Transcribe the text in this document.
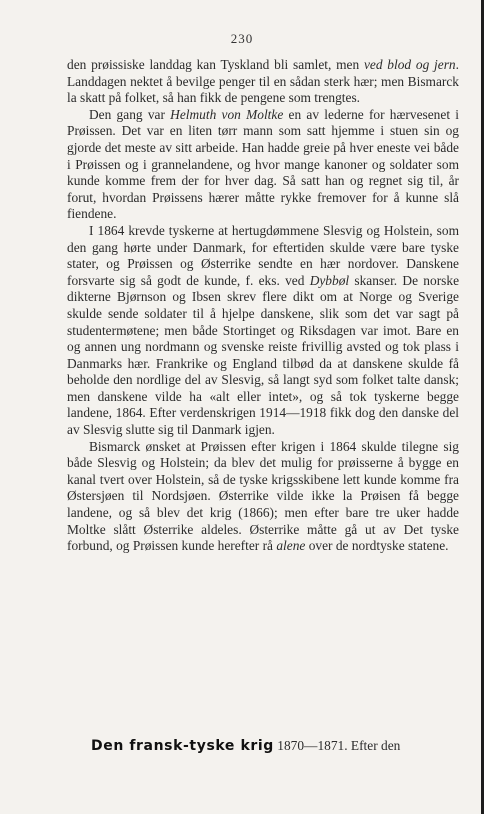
230

den prøissiske landdag kan Tyskland bli samlet, men ved blod og jern. Landdagen nektet å bevilge penger til en sådan sterk hær; men Bismarck la skatt på folket, så han fikk de pengene som trengtes.

Den gang var Helmuth von Moltke en av lederne for hærvesenet i Prøissen. Det var en liten tørr mann som satt hjemme i stuen sin og gjorde det meste av sitt arbeide. Han hadde greie på hver eneste vei både i Prøissen og i grannelandene, og hvor mange kanoner og soldater som kunde komme frem der for hver dag. Så satt han og regnet sig til, år forut, hvordan Prøissens hærer måtte rykke fremover for å kunne slå fiendene.

I 1864 krevde tyskerne at hertugdømmene Slesvig og Holstein, som den gang hørte under Danmark, for eftertiden skulde være bare tyske stater, og Prøissen og Østerrike sendte en hær nordover. Danskene forsvarte sig så godt de kunde, f. eks. ved Dybbøl skanser. De norske dikterne Bjørnson og Ibsen skrev flere dikt om at Norge og Sverige skulde sende soldater til å hjelpe danskene, slik som det var sagt på studentermøtene; men både Stortinget og Riksdagen var imot. Bare en og annen ung nordmann og svenske reiste frivillig avsted og tok plass i Danmarks hær. Frankrike og England tilbød da at danskene skulde få beholde den nordlige del av Slesvig, så langt syd som folket talte dansk; men danskene vilde ha «alt eller intet», og så tok tyskerne begge landene, 1864. Efter verdenskrigen 1914—1918 fikk dog den danske del av Slesvig slutte sig til Danmark igjen.

Bismarck ønsket at Prøissen efter krigen i 1864 skulde tilegne sig både Slesvig og Holstein; da blev det mulig for prøisserne å bygge en kanal tvert over Holstein, så de tyske krigsskibene lett kunde komme fra Østersjøen til Nordsjøen. Østerrike vilde ikke la Prøisen få begge landene, og så blev det krig (1866); men efter bare tre uker hadde Moltke slått Østerrike aldeles. Østerrike måtte gå ut av Det tyske forbund, og Prøissen kunde herefter rå alene over de nordtyske statene.

Den fransk-tyske krig 1870—1871. Efter den
